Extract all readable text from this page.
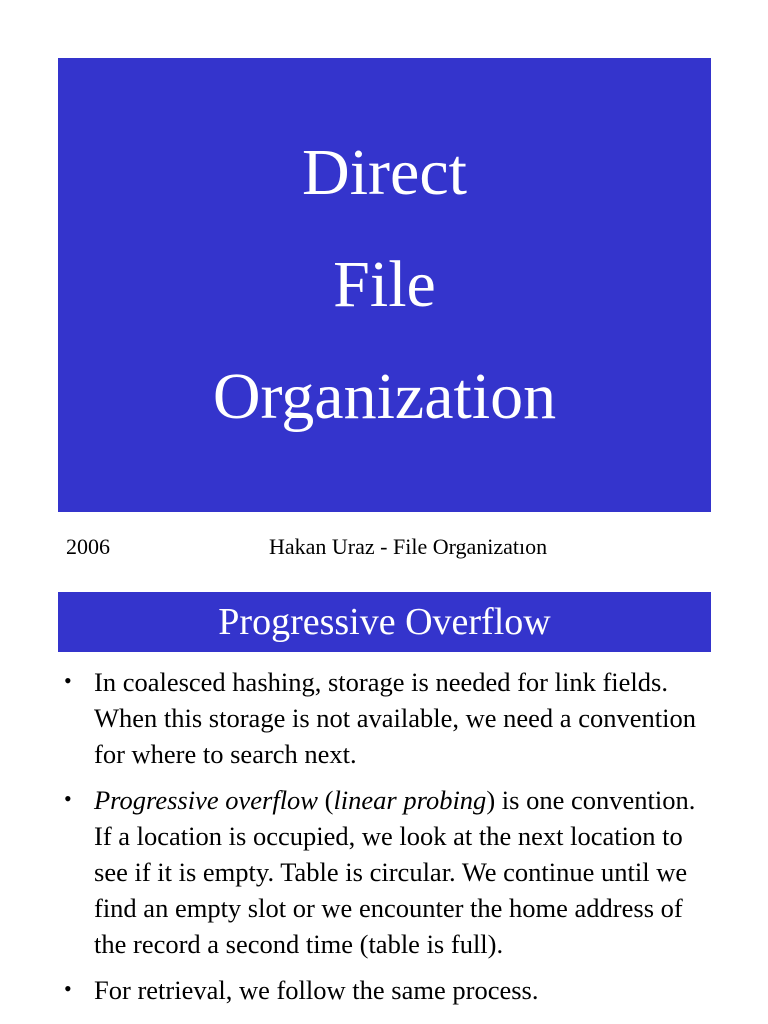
Direct
File
Organization
2006	Hakan Uraz - File Organizatıon
Progressive Overflow
• In coalesced hashing, storage is needed for link fields. When this storage is not available, we need a convention for where to search next.
• Progressive overflow (linear probing) is one convention. If a location is occupied, we look at the next location to see if it is empty. Table is circular. We continue until we find an empty slot or we encounter the home address of the record a second time (table is full).
• For retrieval, we follow the same process.
